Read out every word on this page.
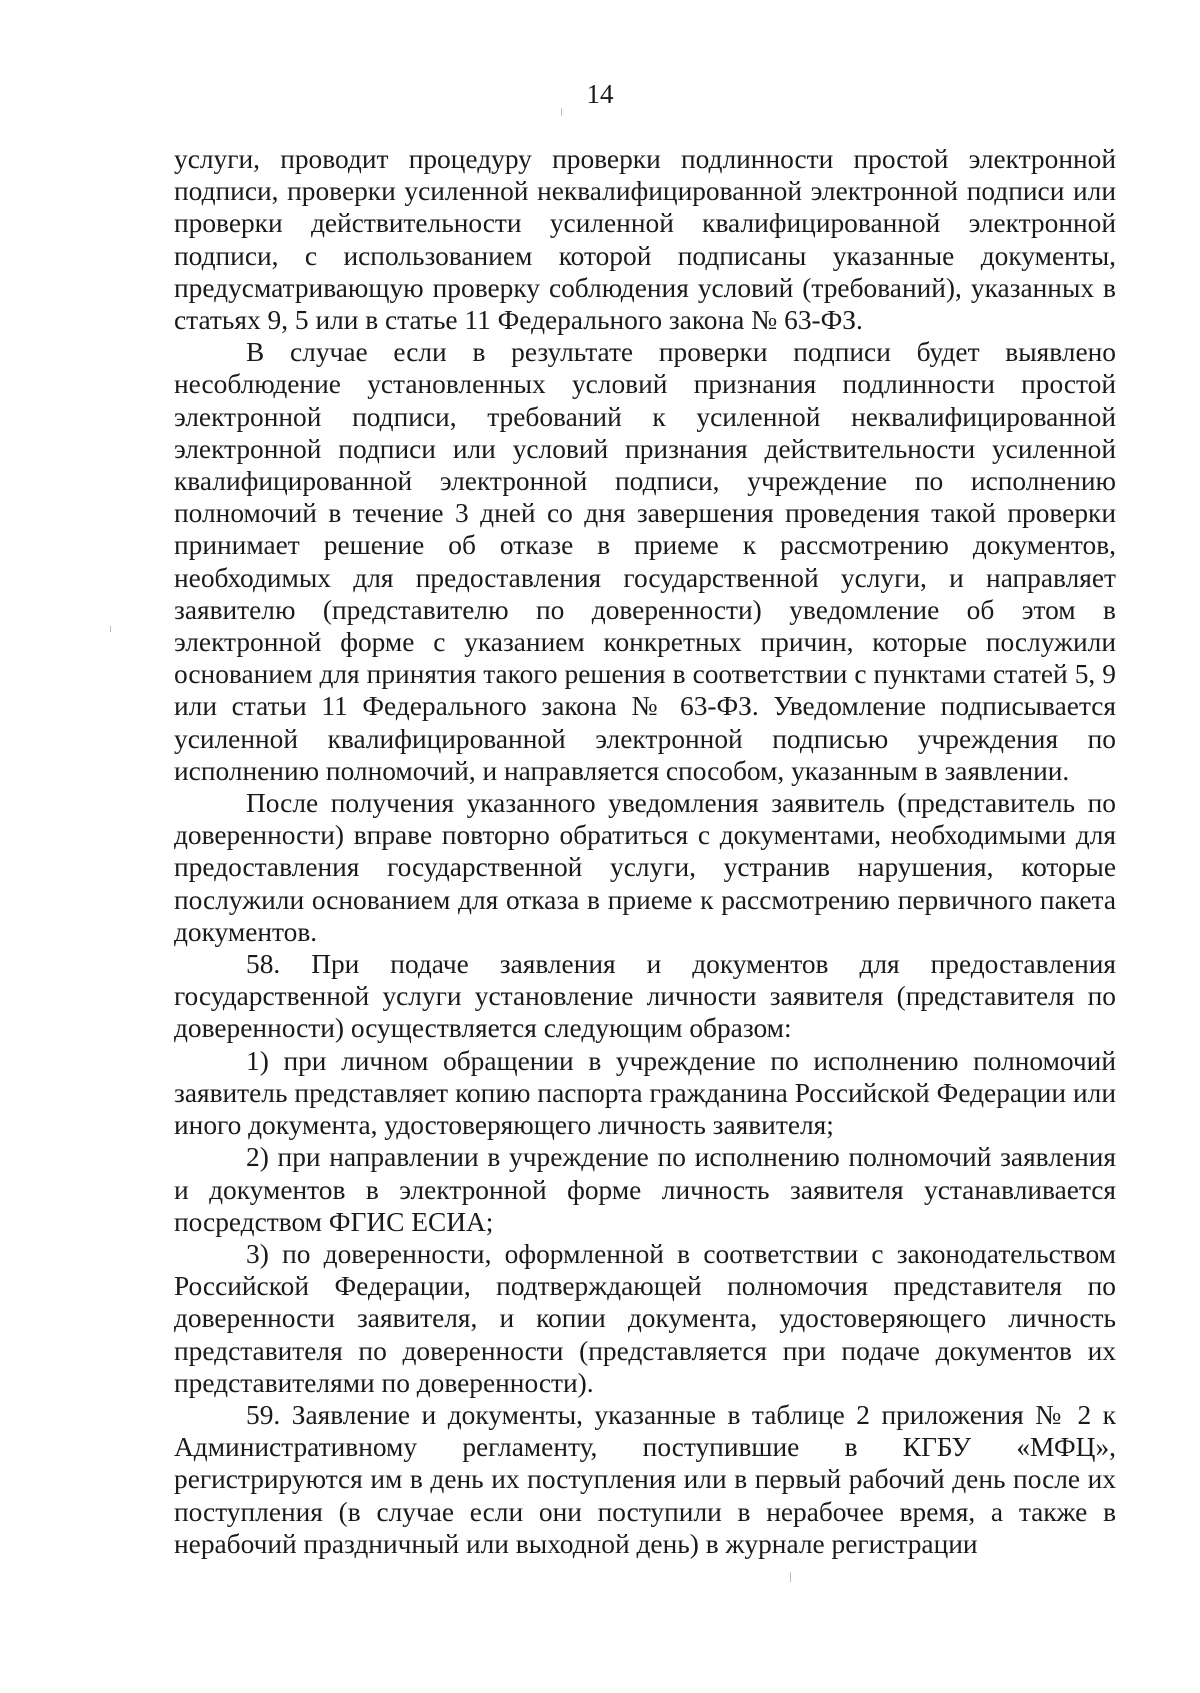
14

услуги, проводит процедуру проверки подлинности простой электронной подписи, проверки усиленной неквалифицированной электронной подписи или проверки действительности усиленной квалифицированной электронной подписи, с использованием которой подписаны указанные документы, предусматривающую проверку соблюдения условий (требований), указанных в статьях 9, 5 или в статье 11 Федерального закона № 63-ФЗ.

В случае если в результате проверки подписи будет выявлено несоблюдение установленных условий признания подлинности простой электронной подписи, требований к усиленной неквалифицированной электронной подписи или условий признания действительности усиленной квалифицированной электронной подписи, учреждение по исполнению полномочий в течение 3 дней со дня завершения проведения такой проверки принимает решение об отказе в приеме к рассмотрению документов, необходимых для предоставления государственной услуги, и направляет заявителю (представителю по доверенности) уведомление об этом в электронной форме с указанием конкретных причин, которые послужили основанием для принятия такого решения в соответствии с пунктами статей 5, 9 или статьи 11 Федерального закона № 63-ФЗ. Уведомление подписывается усиленной квалифицированной электронной подписью учреждения по исполнению полномочий, и направляется способом, указанным в заявлении.

После получения указанного уведомления заявитель (представитель по доверенности) вправе повторно обратиться с документами, необходимыми для предоставления государственной услуги, устранив нарушения, которые послужили основанием для отказа в приеме к рассмотрению первичного пакета документов.

58. При подаче заявления и документов для предоставления государственной услуги установление личности заявителя (представителя по доверенности) осуществляется следующим образом:

1) при личном обращении в учреждение по исполнению полномочий заявитель представляет копию паспорта гражданина Российской Федерации или иного документа, удостоверяющего личность заявителя;

2) при направлении в учреждение по исполнению полномочий заявления и документов в электронной форме личность заявителя устанавливается посредством ФГИС ЕСИА;

3) по доверенности, оформленной в соответствии с законодательством Российской Федерации, подтверждающей полномочия представителя по доверенности заявителя, и копии документа, удостоверяющего личность представителя по доверенности (представляется при подаче документов их представителями по доверенности).

59. Заявление и документы, указанные в таблице 2 приложения № 2 к Административному регламенту, поступившие в КГБУ «МФЦ», регистрируются им в день их поступления или в первый рабочий день после их поступления (в случае если они поступили в нерабочее время, а также в нерабочий праздничный или выходной день) в журнале регистрации
